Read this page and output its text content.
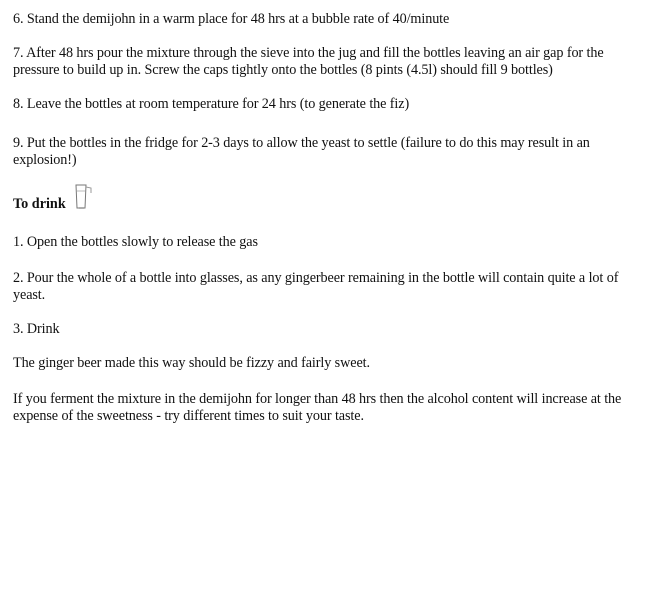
6. Stand the demijohn in a warm place for 48 hrs at a bubble rate of 40/minute

7. After 48 hrs pour the mixture through the sieve into the jug and fill the bottles leaving an air gap for the pressure to build up in. Screw the caps tightly onto the bottles (8 pints (4.5l) should fill 9 bottles)

8. Leave the bottles at room temperature for 24 hrs (to generate the fiz)

9. Put the bottles in the fridge for 2-3 days to allow the yeast to settle (failure to do this may result in an explosion!)

To drink

1. Open the bottles slowly to release the gas

2. Pour the whole of a bottle into glasses, as any gingerbeer remaining in the bottle will contain quite a lot of yeast.

3. Drink

The ginger beer made this way should be fizzy and fairly sweet.

If you ferment the mixture in the demijohn for longer than 48 hrs then the alcohol content will increase at the expense of the sweetness - try different times to suit your taste.
